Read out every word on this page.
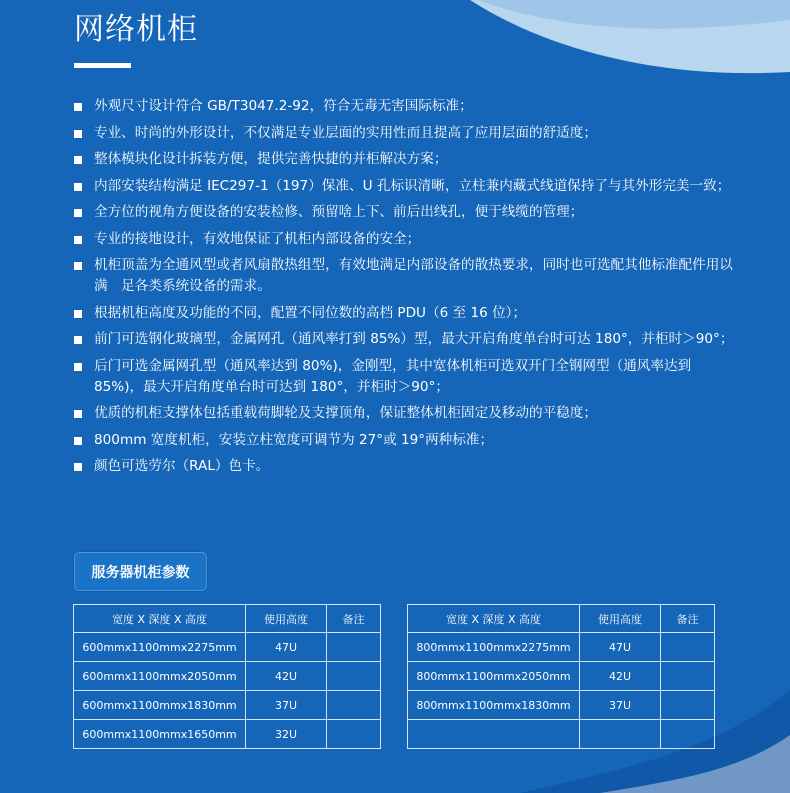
网络机柜
外观尺寸设计符合 GB/T3047.2-92，符合无毒无害国际标准；
专业、时尚的外形设计，不仅满足专业层面的实用性而且提高了应用层面的舒适度；
整体模块化设计拆装方便，提供完善快捷的并柜解决方案；
内部安装结构满足 IEC297-1（197）保准、U 孔标识清晰，立柱兼内藏式线道保持了与其外形完美一致；
全方位的视角方便设备的安装检修、预留啥上下、前后出线孔，便于线缆的管理；
专业的接地设计，有效地保证了机柜内部设备的安全；
机柜顶盖为全通风型或者风扇散热组型，有效地满足内部设备的散热要求，同时也可选配其他标准配件用以满　足各类系统设备的需求。
根据机柜高度及功能的不同，配置不同位数的高档 PDU（6 至 16 位）；
前门可选钢化玻璃型，金属网孔（通风率打到 85%）型，最大开启角度单台时可达 180°，并柜时＞90°；
后门可选金属网孔型（通风率达到 80%)，金刚型，其中宽体机柜可选双开门全钢网型（通风率达到　85%)，最大开启角度单台时可达到 180°，并柜时＞90°；
优质的机柜支撑体包括重载荷脚轮及支撑顶角，保证整体机柜固定及移动的平稳度；
800mm 宽度机柜，安装立柱宽度可调节为 27°或 19°两种标准；
颜色可选劳尔（RAL）色卡。
服务器机柜参数
宽度 X 深度 X 高度	使用高度	备注
600mmx1100mmx2275mm	47U	
600mmx1100mmx2050mm	42U	
600mmx1100mmx1830mm	37U	
600mmx1100mmx1650mm	32U	
宽度 X 深度 X 高度	使用高度	备注
800mmx1100mmx2275mm	47U	
800mmx1100mmx2050mm	42U	
800mmx1100mmx1830mm	37U	
